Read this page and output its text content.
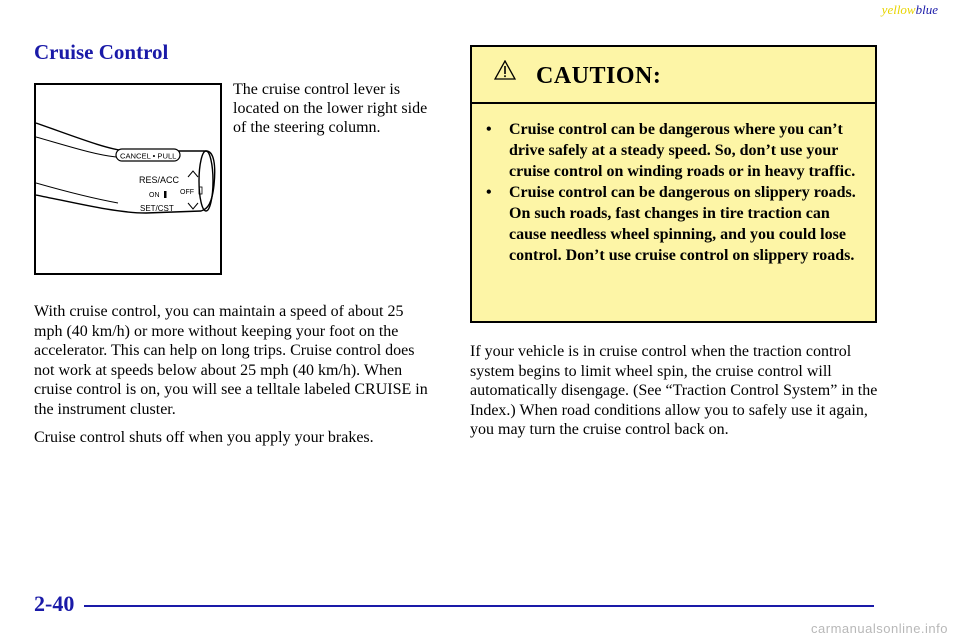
yellowblue
Cruise Control
CANCEL • PULL
RES/ACC
ON	OFF
SET/CST
The cruise control lever is located on the lower right side of the steering column.

With cruise control, you can maintain a speed of about 25 mph (40 km/h) or more without keeping your foot on the accelerator. This can help on long trips. Cruise control does not work at speeds below about 25 mph (40 km/h). When cruise control is on, you will see a telltale labeled CRUISE in the instrument cluster.

Cruise control shuts off when you apply your brakes.

CAUTION:
• Cruise control can be dangerous where you can’t drive safely at a steady speed. So, don’t use your cruise control on winding roads or in heavy traffic.
• Cruise control can be dangerous on slippery roads. On such roads, fast changes in tire traction can cause needless wheel spinning, and you could lose control. Don’t use cruise control on slippery roads.

If your vehicle is in cruise control when the traction control system begins to limit wheel spin, the cruise control will automatically disengage. (See “Traction Control System” in the Index.) When road conditions allow you to safely use it again, you may turn the cruise control back on.

2-40

carmanualsonline.info
